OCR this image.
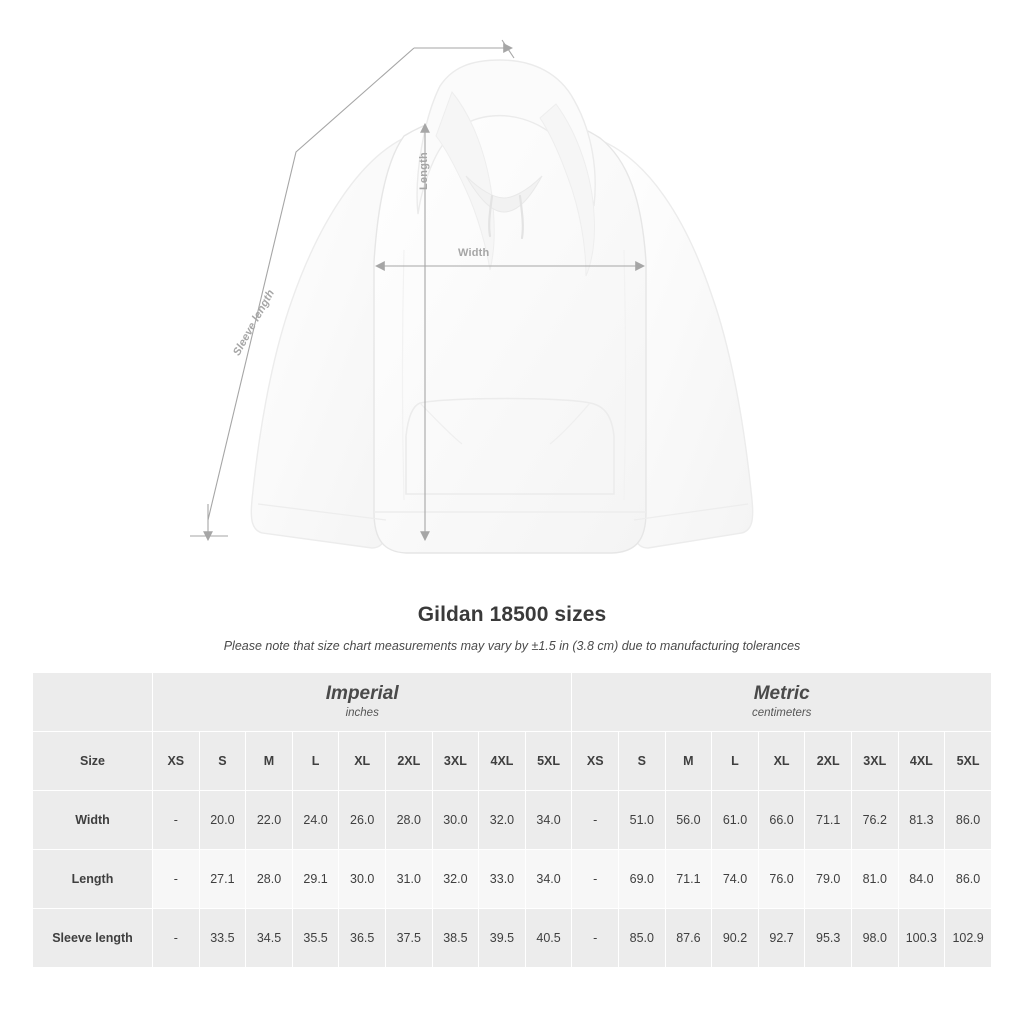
Width
Length
Sleeve length
Gildan 18500 sizes
Please note that size chart measurements may vary by ±1.5 in (3.8 cm) due to manufacturing tolerances

Imperial
inches

Metric
centimeters

Size	XS	S	M	L	XL	2XL	3XL	4XL	5XL	XS	S	M	L	XL	2XL	3XL	4XL	5XL
Width	-	20.0	22.0	24.0	26.0	28.0	30.0	32.0	34.0	-	51.0	56.0	61.0	66.0	71.1	76.2	81.3	86.0
Length	-	27.1	28.0	29.1	30.0	31.0	32.0	33.0	34.0	-	69.0	71.1	74.0	76.0	79.0	81.0	84.0	86.0
Sleeve length	-	33.5	34.5	35.5	36.5	37.5	38.5	39.5	40.5	-	85.0	87.6	90.2	92.7	95.3	98.0	100.3	102.9
